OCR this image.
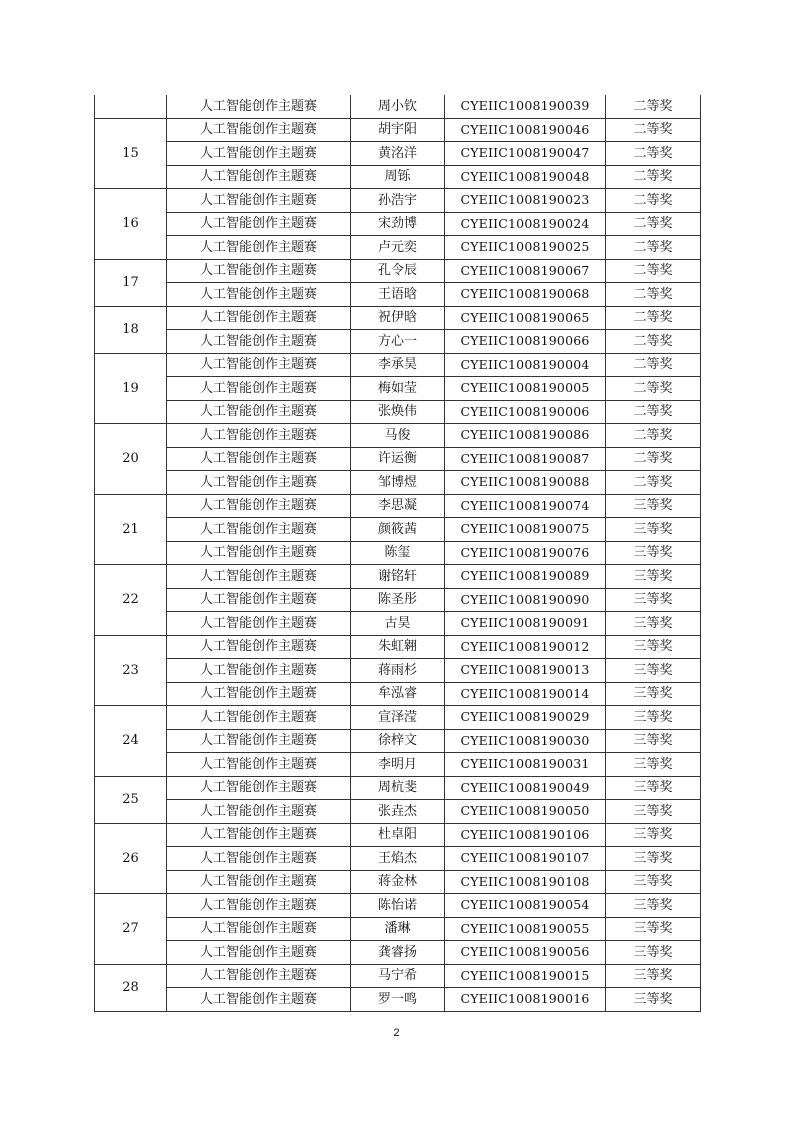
	人工智能创作主题赛	周小钦	CYEIIC1008190039	二等奖
15	人工智能创作主题赛	胡宇阳	CYEIIC1008190046	二等奖
	人工智能创作主题赛	黄洺洋	CYEIIC1008190047	二等奖
	人工智能创作主题赛	周铄	CYEIIC1008190048	二等奖
16	人工智能创作主题赛	孙浩宇	CYEIIC1008190023	二等奖
	人工智能创作主题赛	宋劲博	CYEIIC1008190024	二等奖
	人工智能创作主题赛	卢元奕	CYEIIC1008190025	二等奖
17	人工智能创作主题赛	孔令辰	CYEIIC1008190067	二等奖
	人工智能创作主题赛	王语晗	CYEIIC1008190068	二等奖
18	人工智能创作主题赛	祝伊晗	CYEIIC1008190065	二等奖
	人工智能创作主题赛	方心一	CYEIIC1008190066	二等奖
19	人工智能创作主题赛	李承昊	CYEIIC1008190004	二等奖
	人工智能创作主题赛	梅如莹	CYEIIC1008190005	二等奖
	人工智能创作主题赛	张焕伟	CYEIIC1008190006	二等奖
20	人工智能创作主题赛	马俊	CYEIIC1008190086	二等奖
	人工智能创作主题赛	许运衡	CYEIIC1008190087	二等奖
	人工智能创作主题赛	邹博煜	CYEIIC1008190088	二等奖
21	人工智能创作主题赛	李思凝	CYEIIC1008190074	三等奖
	人工智能创作主题赛	颜筱茜	CYEIIC1008190075	三等奖
	人工智能创作主题赛	陈玺	CYEIIC1008190076	三等奖
22	人工智能创作主题赛	谢铭轩	CYEIIC1008190089	三等奖
	人工智能创作主题赛	陈圣彤	CYEIIC1008190090	三等奖
	人工智能创作主题赛	古昊	CYEIIC1008190091	三等奖
23	人工智能创作主题赛	朱虹翱	CYEIIC1008190012	三等奖
	人工智能创作主题赛	蒋雨杉	CYEIIC1008190013	三等奖
	人工智能创作主题赛	牟泓睿	CYEIIC1008190014	三等奖
24	人工智能创作主题赛	宣泽滢	CYEIIC1008190029	三等奖
	人工智能创作主题赛	徐梓文	CYEIIC1008190030	三等奖
	人工智能创作主题赛	李明月	CYEIIC1008190031	三等奖
25	人工智能创作主题赛	周杭斐	CYEIIC1008190049	三等奖
	人工智能创作主题赛	张垚杰	CYEIIC1008190050	三等奖
26	人工智能创作主题赛	杜卓阳	CYEIIC1008190106	三等奖
	人工智能创作主题赛	王焰杰	CYEIIC1008190107	三等奖
	人工智能创作主题赛	蒋金林	CYEIIC1008190108	三等奖
27	人工智能创作主题赛	陈怡诺	CYEIIC1008190054	三等奖
	人工智能创作主题赛	潘琳	CYEIIC1008190055	三等奖
	人工智能创作主题赛	龚睿扬	CYEIIC1008190056	三等奖
28	人工智能创作主题赛	马宁希	CYEIIC1008190015	三等奖
	人工智能创作主题赛	罗一鸣	CYEIIC1008190016	三等奖
2
